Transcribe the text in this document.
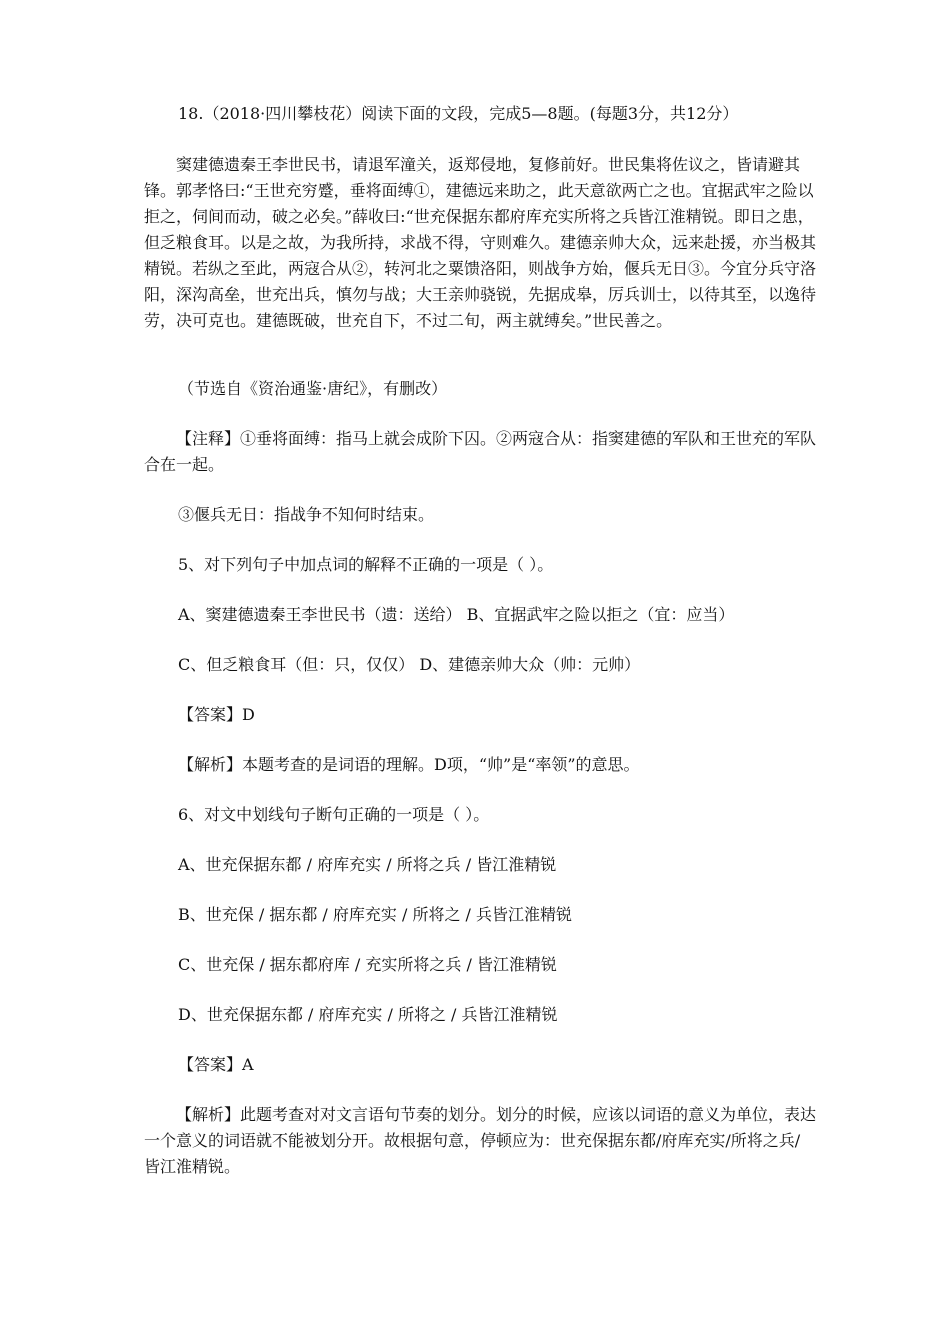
18.（2018·四川攀枝花）阅读下面的文段，完成5—8题。(每题3分，共12分）
窦建德遗秦王李世民书，请退军潼关，返郑侵地，复修前好。世民集将佐议之，皆请避其锋。郭孝恪曰:“王世充穷蹙，垂将面缚①，建德远来助之，此天意欲两亡之也。宜据武牢之险以拒之，伺间而动，破之必矣。”薛收曰:“世充保据东都府库充实所将之兵皆江淮精锐。即日之患，但乏粮食耳。以是之故，为我所持，求战不得，守则难久。建德亲帅大众，远来赴援，亦当极其精锐。若纵之至此，两寇合从②，转河北之粟馈洛阳，则战争方始，偃兵无日③。今宜分兵守洛阳，深沟高垒，世充出兵，慎勿与战；大王亲帅骁锐，先据成皋，厉兵训士，以待其至，以逸待劳，决可克也。建德既破，世充自下，不过二旬，两主就缚矣。”世民善之。
（节选自《资治通鉴·唐纪》，有删改）
【注释】①垂将面缚：指马上就会成阶下囚。②两寇合从：指窦建德的军队和王世充的军队合在一起。
③偃兵无日：指战争不知何时结束。
5、对下列句子中加点词的解释不正确的一项是（ ）。
A、窦建德遗秦王李世民书（遗：送给） B、宜据武牢之险以拒之（宜：应当）
C、但乏粮食耳（但：只，仅仅） D、建德亲帅大众（帅：元帅）
【答案】D
【解析】本题考查的是词语的理解。D项，“帅”是“率领”的意思。
6、对文中划线句子断句正确的一项是（ ）。
A、世充保据东都 / 府库充实 / 所将之兵 / 皆江淮精锐
B、世充保 / 据东都 / 府库充实 / 所将之 / 兵皆江淮精锐
C、世充保 / 据东都府库 / 充实所将之兵 / 皆江淮精锐
D、世充保据东都 / 府库充实 / 所将之 / 兵皆江淮精锐
【答案】A
【解析】此题考查对对文言语句节奏的划分。划分的时候，应该以词语的意义为单位，表达一个意义的词语就不能被划分开。故根据句意，停顿应为：世充保据东都/府库充实/所将之兵/皆江淮精锐。
